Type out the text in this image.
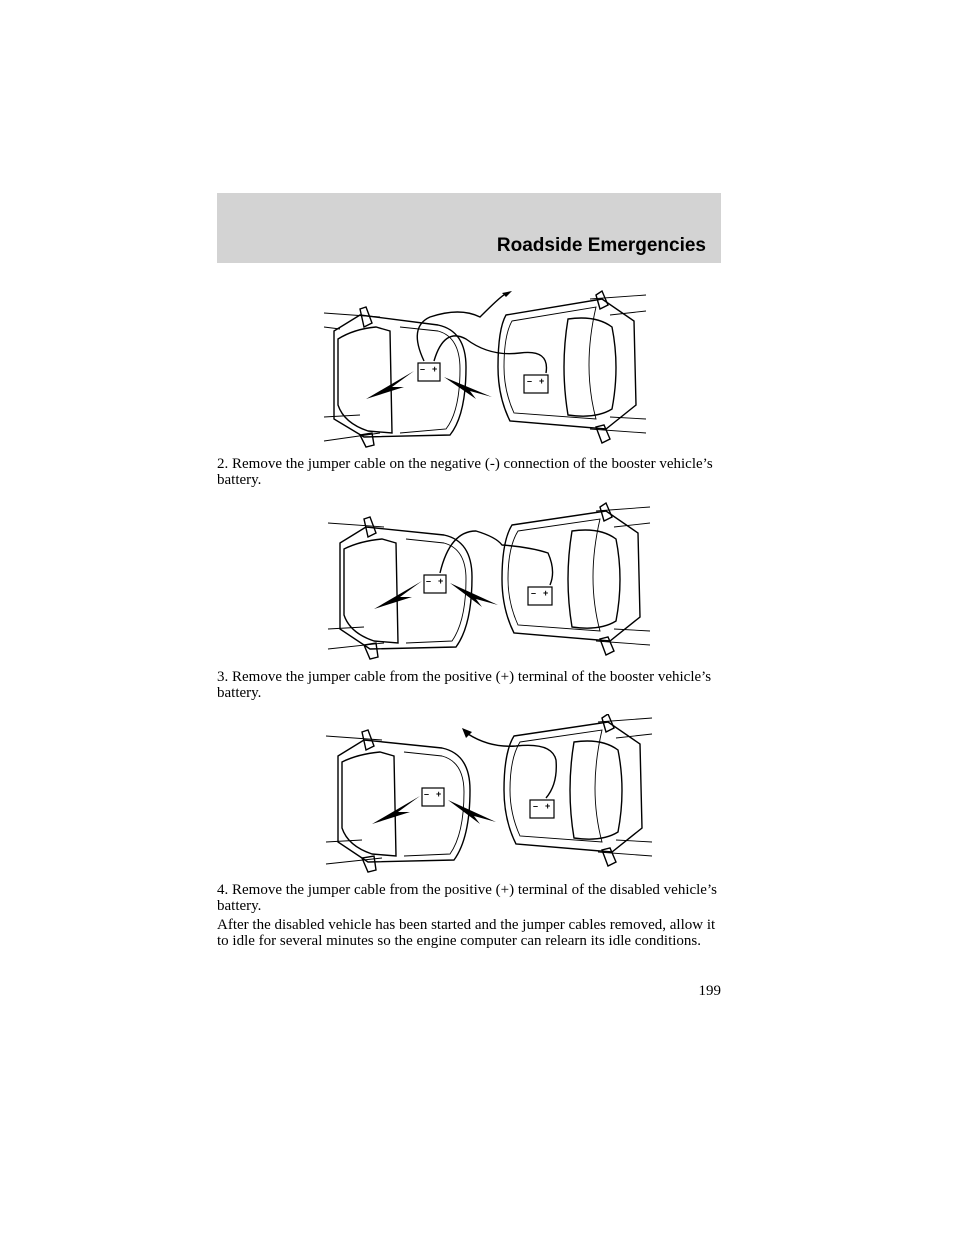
Roadside Emergencies
– +
– +

2. Remove the jumper cable on the negative (-) connection of the booster vehicle’s battery.

– +
– +

3. Remove the jumper cable from the positive (+) terminal of the booster vehicle’s battery.

– +
– +

4. Remove the jumper cable from the positive (+) terminal of the disabled vehicle’s battery.

After the disabled vehicle has been started and the jumper cables removed, allow it to idle for several minutes so the engine computer can relearn its idle conditions.

199
